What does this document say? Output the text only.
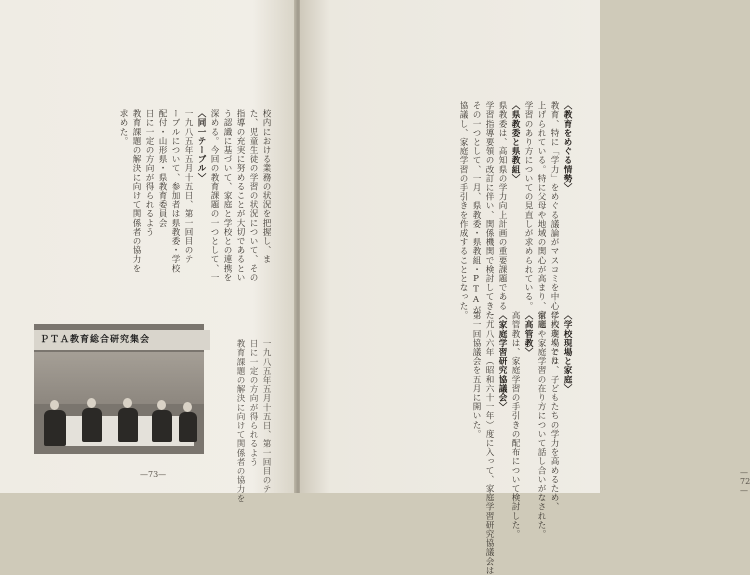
校内における業務の状況を把握し、ま
た、児童生徒の学習の状況について、その
指導の充実に努めることが大切であるとい
う認識に基づいて、家庭と学校との連携を
深める。今回の教育課題の一つとして、一
〈同一テーブル〉
一九八五年五月十五日、第一回目のテ
ーブルについて、参加者は県教委・学校
配付・山形県・県教育委員会
日に一定の方向が得られるよう
教育課題の解決に向けて関係者の協力を
求めた。

一九八五年五月十五日、第一回目のテ
日に一定の方向が得られるよう
教育課題の解決に向けて関係者の協力を

ＰＴＡ教育総合研究集会
—73—

〈教育をめぐる情勢〉
教育、特に「学力」をめぐる議論がマスコミを中心に大きくとり
上げられている。特に父母や地域の関心が高まり、家庭
学習のあり方についての見直しが求められている。
〈県教委と県教組〉
県教委は、高知県の学力向上計画の重要課題である
学習指導要領の改訂に伴い、関係機関で検討してきた。
その一つとして、一月、県教委・県教組・PTAが
協議し、家庭学習の手引きを作成することとなった。

〈学校現場と家庭〉
学校現場では、子どもたちの学力を高めるため、
宿題や家庭学習の在り方について話し合いがなされた。
〈高管教〉
高管教は、家庭学習の手引きの配布について検討した。
〈家庭学習研究協議会〉
一九八六年（昭和六十一年）度に入って、家庭学習研究協議会は
第一回協議会を五月に開いた。

—72—
